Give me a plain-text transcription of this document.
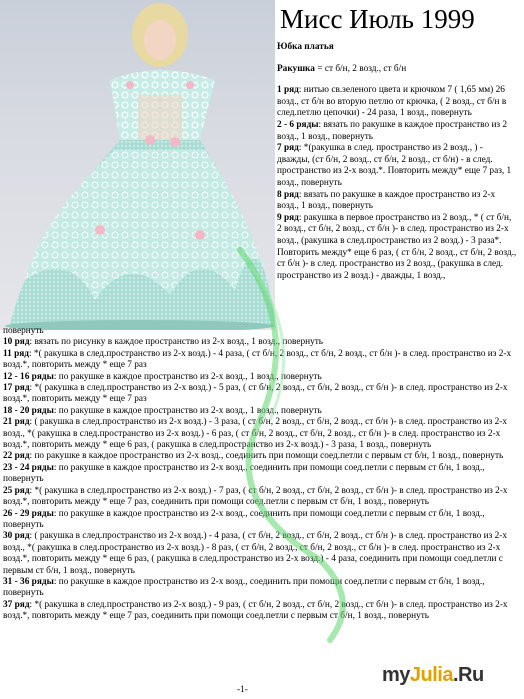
Мисс Июль 1999

Юбка платья

Ракушка = ст б/н, 2 возд., ст б/н

1 ряд: нитью св.зеленого цвета и крючком 7 ( 1,65 мм) 26 возд., ст б/н во вторую петлю от крючка, ( 2 возд., ст б/н в след.петлю цепочки) - 24 раза, 1 возд., повернуть

2 - 6 ряды: вязать по ракушке в каждое пространство из 2 возд., 1 возд., повернуть

7 ряд: *(ракушка в след. пространство из 2 возд., ) - дважды, (ст б/н, 2 возд., ст б/н, 2 возд., ст б/н) - в след. пространство из 2-х возд.*. Повторить между* еще 7 раз, 1 возд., повернуть

8 ряд: вязать по ракушке в каждое пространство из 2-х возд., 1 возд., повернуть

9 ряд: ракушка в первое пространство из 2 возд., * ( ст б/н, 2 возд., ст б/н, 2 возд., ст б/н )- в след. пространство из 2-х возд., (ракушка в след.пространство из 2 возд.) - 3 раза*. Повторить между* еще 6 раз, ( ст б/н, 2 возд., ст б/н, 2 возд., ст б/н )- в след. пространство из 2 возд., (ракушка в след. пространство из 2 возд.) - дважды, 1 возд.,

повернуть

10 ряд: вязать по рисунку в каждое пространство из 2-х возд., 1 возд., повернуть

11 ряд: *( ракушка в след.пространство из 2-х возд.) - 4 раза, ( ст б/н, 2 возд., ст б/н, 2 возд., ст б/н )- в след. пространство из 2-х возд.*, повторить между * еще 7 раз

12 - 16 ряды: по ракушке в каждое пространство из 2-х возд., 1 возд., повернуть

17 ряд: *( ракушка в след.пространство из 2-х возд.) - 5 раз, ( ст б/н, 2 возд., ст б/н, 2 возд., ст б/н )- в след. пространство из 2-х возд.*, повторить между * еще 7 раз

18 - 20 ряды: по ракушке в каждое пространство из 2-х возд., 1 возд., повернуть

21 ряд: ( ракушка в след.пространство из 2-х возд.) - 3 раза, ( ст б/н, 2 возд., ст б/н, 2 возд., ст б/н )- в след. пространство из 2-х возд., *( ракушка в след.пространство из 2-х возд.) - 6 раз, ( ст б/н, 2 возд., ст б/н, 2 возд., ст б/н )- в след. пространство из 2-х возд.*, повторить между * еще 6 раз, ( ракушка в след.пространство из 2-х возд.) - 3 раза, 1 возд., повернуть

22 ряд: по ракушке в каждое пространство из 2-х возд., соединить при помощи соед.петли с первым ст б/н, 1 возд., повернуть

23 - 24 ряды: по ракушке в каждое пространство из 2-х возд., соединить при помощи соед.петли с первым ст б/н, 1 возд., повернуть

25 ряд: *( ракушка в след.пространство из 2-х возд.) - 7 раз, ( ст б/н, 2 возд., ст б/н, 2 возд., ст б/н )- в след. пространство из 2-х возд.*, повторить между * еще 7 раз, соединить при помощи соед.петли с первым ст б/н, 1 возд., повернуть

26 - 29 ряды: по ракушке в каждое пространство из 2-х возд., соединить при помощи соед.петли с первым ст б/н, 1 возд., повернуть

30 ряд: ( ракушка в след.пространство из 2-х возд.) - 4 раза, ( ст б/н, 2 возд., ст б/н, 2 возд., ст б/н )- в след. пространство из 2-х возд., *( ракушка в след.пространство из 2-х возд.) - 8 раз, ( ст б/н, 2 возд., ст б/н, 2 возд., ст б/н )- в след. пространство из 2-х возд.*, повторить между * еще 6 раз, ( ракушка в след.пространство из 2-х возд.) - 4 раза, соединить при помощи соед.петли с первым ст б/н, 1 возд., повернуть

31 - 36 ряды: по ракушке в каждое пространство из 2-х возд., соединить при помощи соед.петли с первым ст б/н, 1 возд., повернуть

37 ряд: *( ракушка в след.пространство из 2-х возд.) - 9 раз, ( ст б/н, 2 возд., ст б/н, 2 возд., ст б/н )- в след. пространство из 2-х возд.*, повторить между * еще 7 раз, соединить при помощи соед.петли с первым ст б/н, 1 возд., повернуть

-1-
myJulia.Ru
